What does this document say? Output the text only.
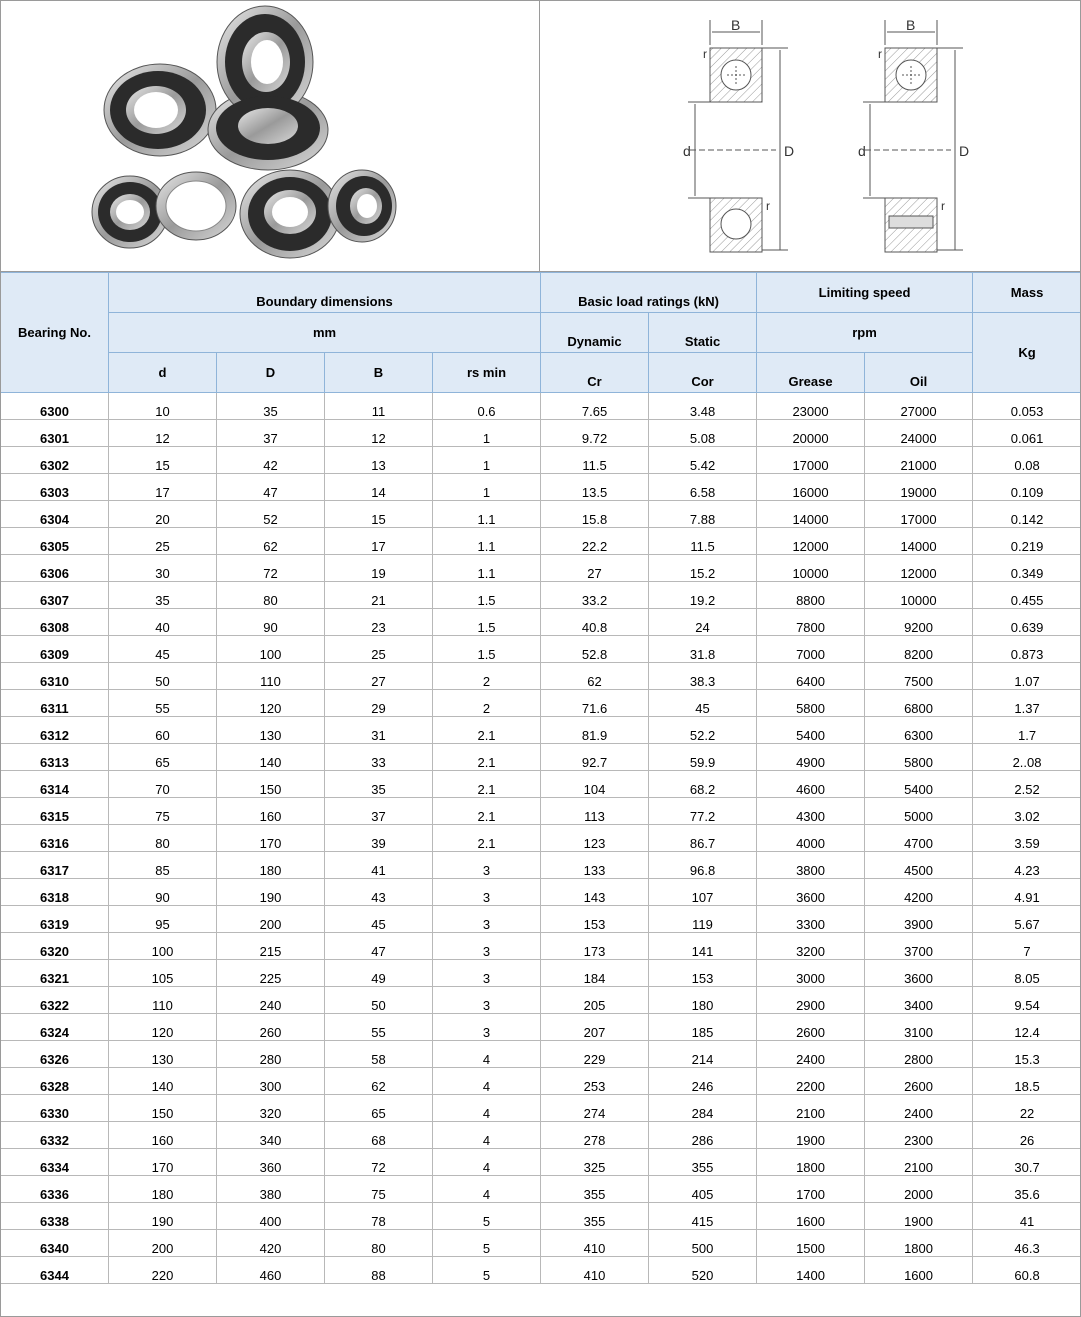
B
r
r
d	D
B
r
r
d	D
Bearing No.	Boundary dimensions				Basic load ratings (kN)		Limiting speed		Mass
	mm				Dynamic	Static	rpm		Kg
	d	D	B	rs min	Cr	Cor	Grease	Oil	
6300	10	35	11	0.6	7.65	3.48	23000	27000	0.053
6301	12	37	12	1	9.72	5.08	20000	24000	0.061
6302	15	42	13	1	11.5	5.42	17000	21000	0.08
6303	17	47	14	1	13.5	6.58	16000	19000	0.109
6304	20	52	15	1.1	15.8	7.88	14000	17000	0.142
6305	25	62	17	1.1	22.2	11.5	12000	14000	0.219
6306	30	72	19	1.1	27	15.2	10000	12000	0.349
6307	35	80	21	1.5	33.2	19.2	8800	10000	0.455
6308	40	90	23	1.5	40.8	24	7800	9200	0.639
6309	45	100	25	1.5	52.8	31.8	7000	8200	0.873
6310	50	110	27	2	62	38.3	6400	7500	1.07
6311	55	120	29	2	71.6	45	5800	6800	1.37
6312	60	130	31	2.1	81.9	52.2	5400	6300	1.7
6313	65	140	33	2.1	92.7	59.9	4900	5800	2..08
6314	70	150	35	2.1	104	68.2	4600	5400	2.52
6315	75	160	37	2.1	113	77.2	4300	5000	3.02
6316	80	170	39	2.1	123	86.7	4000	4700	3.59
6317	85	180	41	3	133	96.8	3800	4500	4.23
6318	90	190	43	3	143	107	3600	4200	4.91
6319	95	200	45	3	153	119	3300	3900	5.67
6320	100	215	47	3	173	141	3200	3700	7
6321	105	225	49	3	184	153	3000	3600	8.05
6322	110	240	50	3	205	180	2900	3400	9.54
6324	120	260	55	3	207	185	2600	3100	12.4
6326	130	280	58	4	229	214	2400	2800	15.3
6328	140	300	62	4	253	246	2200	2600	18.5
6330	150	320	65	4	274	284	2100	2400	22
6332	160	340	68	4	278	286	1900	2300	26
6334	170	360	72	4	325	355	1800	2100	30.7
6336	180	380	75	4	355	405	1700	2000	35.6
6338	190	400	78	5	355	415	1600	1900	41
6340	200	420	80	5	410	500	1500	1800	46.3
6344	220	460	88	5	410	520	1400	1600	60.8
